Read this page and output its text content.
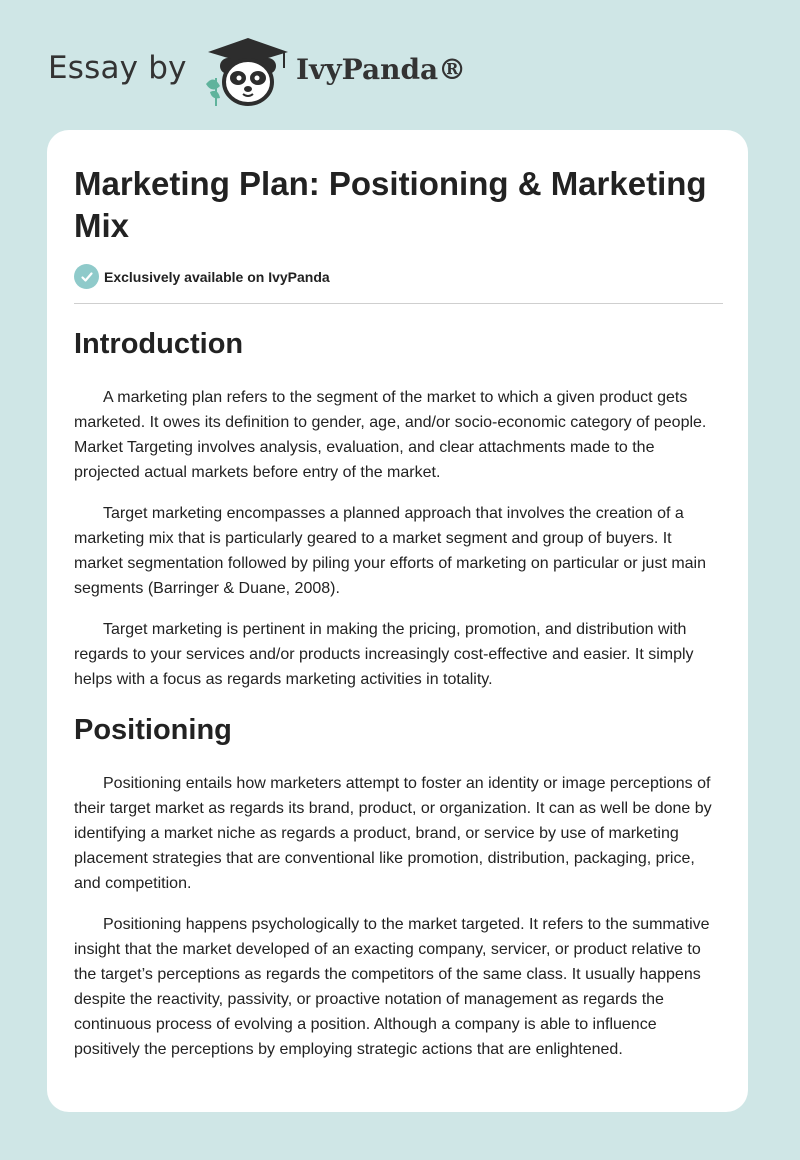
Essay by	IvyPanda®
Marketing Plan: Positioning & Marketing Mix
Exclusively available on IvyPanda
Introduction

A marketing plan refers to the segment of the market to which a given product gets marketed. It owes its definition to gender, age, and/or socio-economic category of people. Market Targeting involves analysis, evaluation, and clear attachments made to the projected actual markets before entry of the market.

Target marketing encompasses a planned approach that involves the creation of a marketing mix that is particularly geared to a market segment and group of buyers. It market segmentation followed by piling your efforts of marketing on particular or just main segments (Barringer & Duane, 2008).

Target marketing is pertinent in making the pricing, promotion, and distribution with regards to your services and/or products increasingly cost-effective and easier. It simply helps with a focus as regards marketing activities in totality.

Positioning

Positioning entails how marketers attempt to foster an identity or image perceptions of their target market as regards its brand, product, or organization. It can as well be done by identifying a market niche as regards a product, brand, or service by use of marketing placement strategies that are conventional like promotion, distribution, packaging, price, and competition.

Positioning happens psychologically to the market targeted. It refers to the summative insight that the market developed of an exacting company, servicer, or product relative to the target’s perceptions as regards the competitors of the same class. It usually happens despite the reactivity, passivity, or proactive notation of management as regards the continuous process of evolving a position. Although a company is able to influence positively the perceptions by employing strategic actions that are enlightened.
